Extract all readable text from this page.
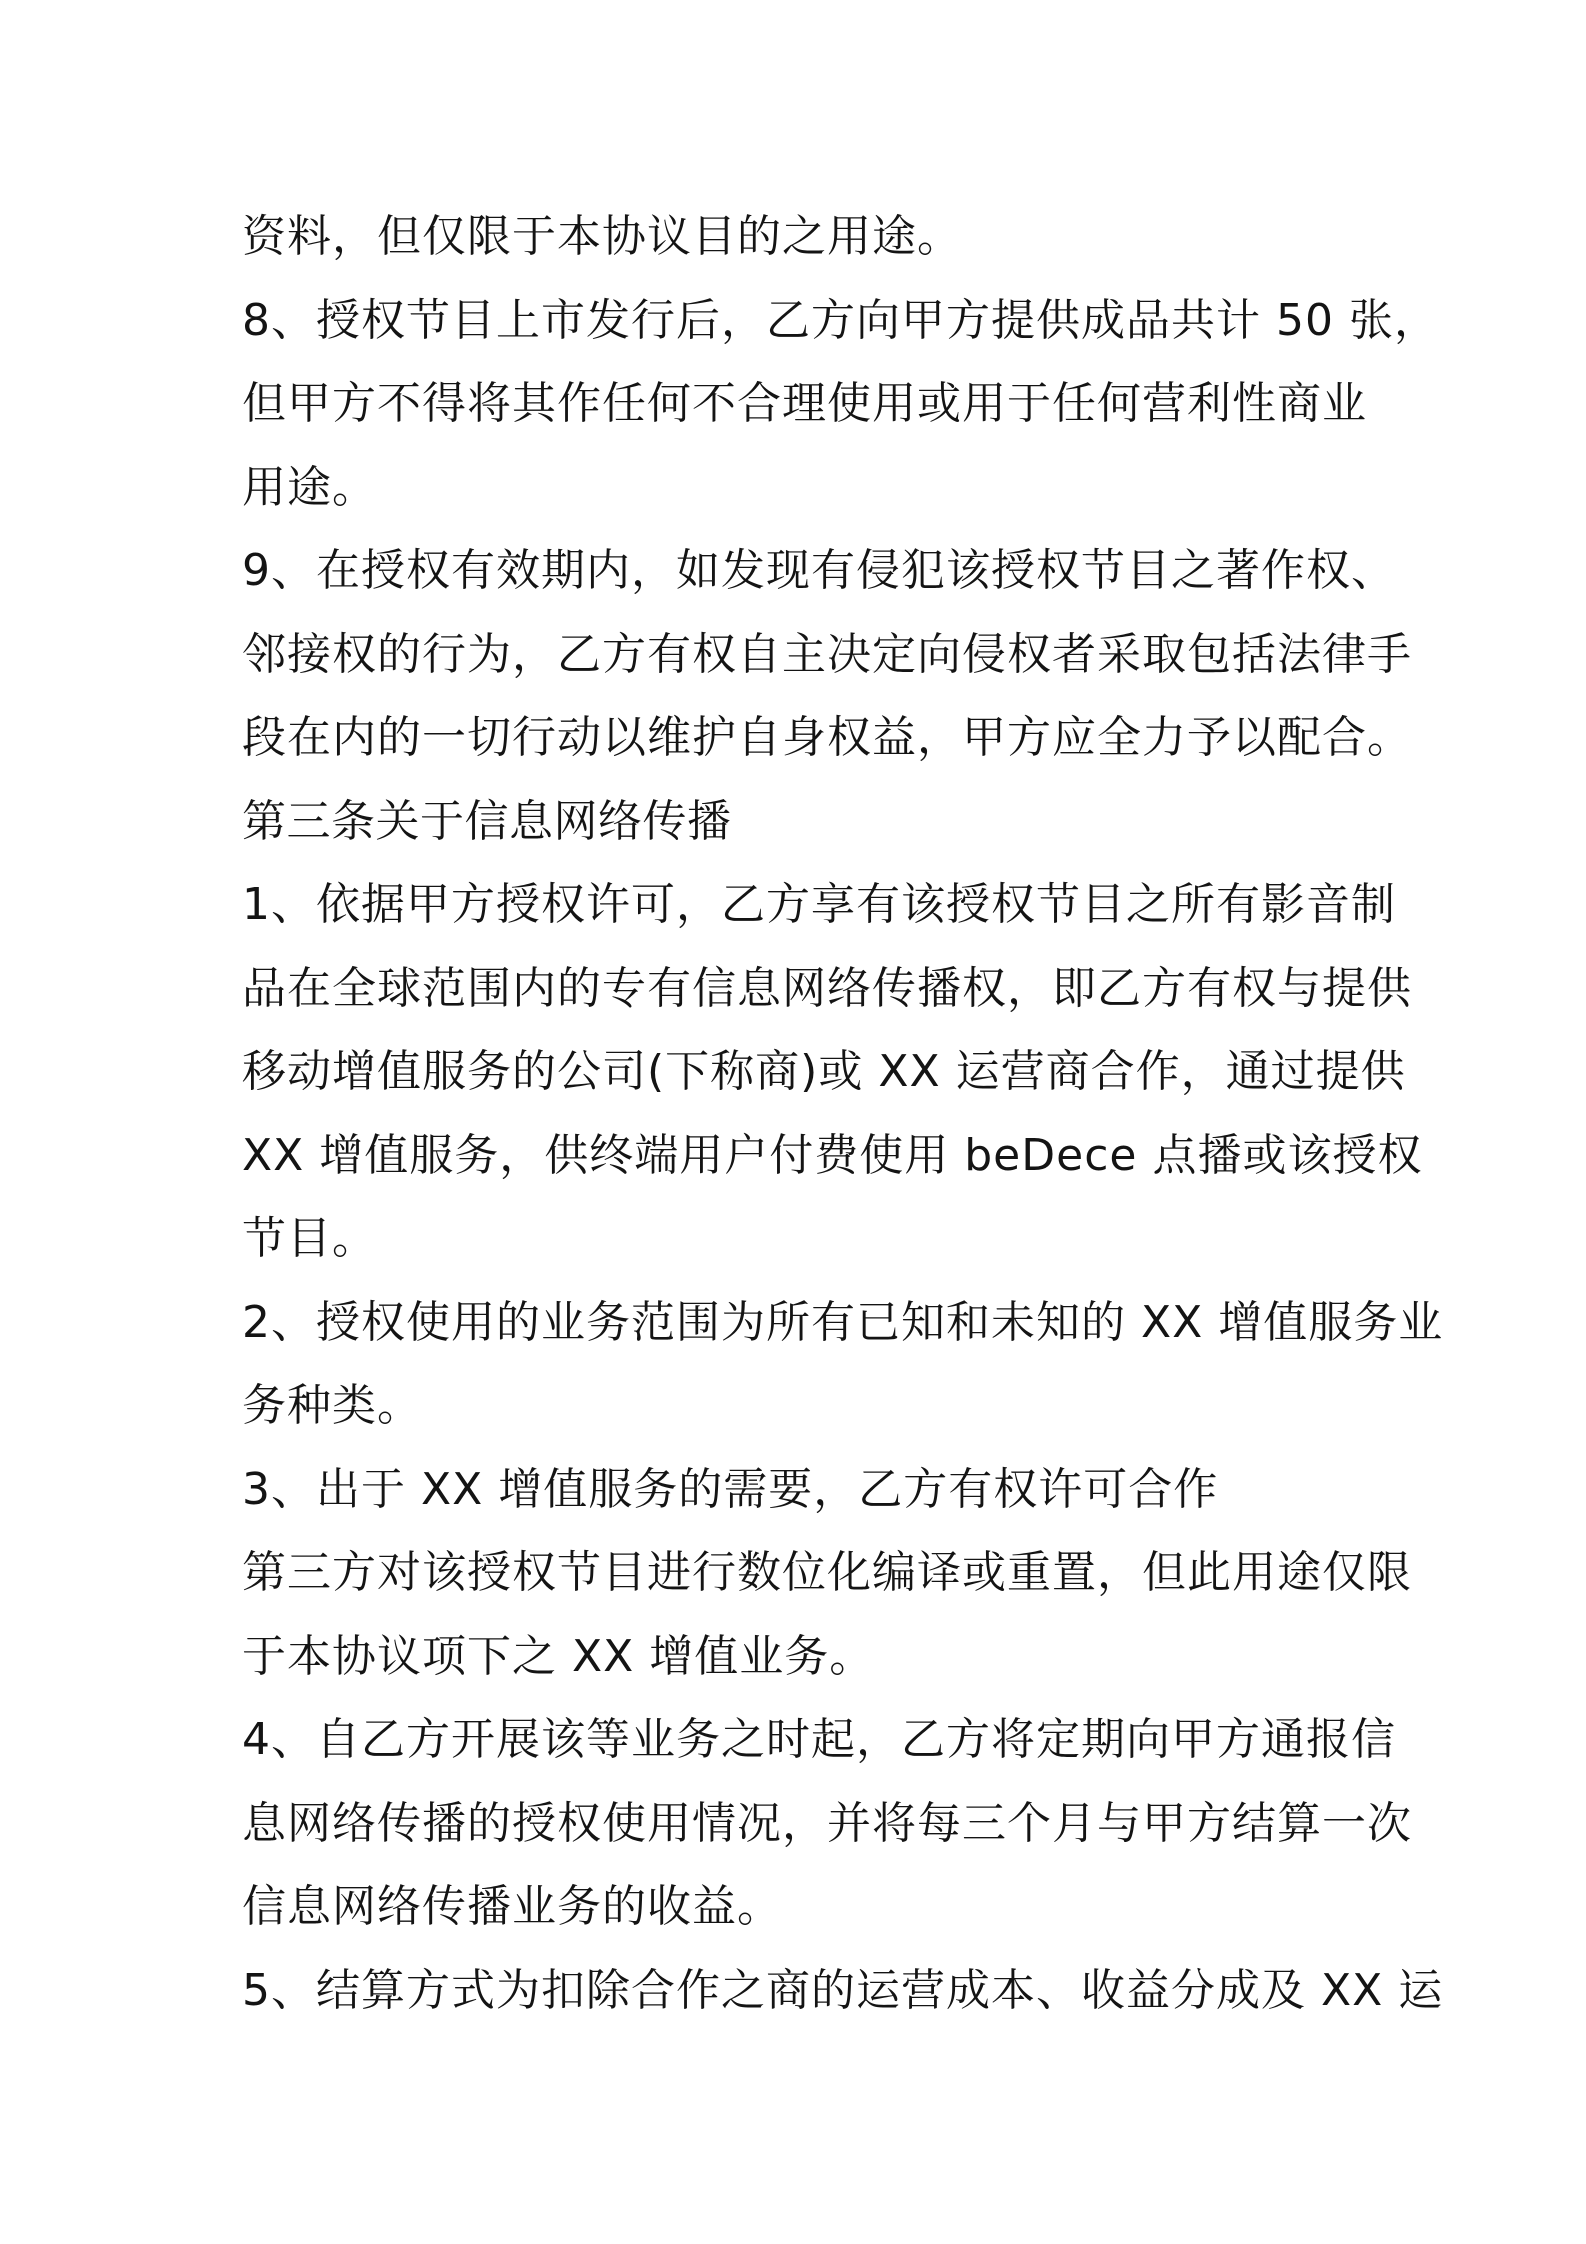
资料，但仅限于本协议目的之用途。
8、授权节目上市发行后，乙方向甲方提供成品共计 50 张，
但甲方不得将其作任何不合理使用或用于任何营利性商业
用途。
9、在授权有效期内，如发现有侵犯该授权节目之著作权、
邻接权的行为，乙方有权自主决定向侵权者采取包括法律手
段在内的一切行动以维护自身权益，甲方应全力予以配合。
第三条关于信息网络传播
1、依据甲方授权许可，乙方享有该授权节目之所有影音制
品在全球范围内的专有信息网络传播权，即乙方有权与提供
移动增值服务的公司(下称商)或 XX 运营商合作，通过提供
XX 增值服务，供终端用户付费使用 beDece 点播或该授权
节目。
2、授权使用的业务范围为所有已知和未知的 XX 增值服务业
务种类。
3、出于 XX 增值服务的需要，乙方有权许可合作
第三方对该授权节目进行数位化编译或重置，但此用途仅限
于本协议项下之 XX 增值业务。
4、自乙方开展该等业务之时起，乙方将定期向甲方通报信
息网络传播的授权使用情况，并将每三个月与甲方结算一次
信息网络传播业务的收益。
5、结算方式为扣除合作之商的运营成本、收益分成及 XX 运
